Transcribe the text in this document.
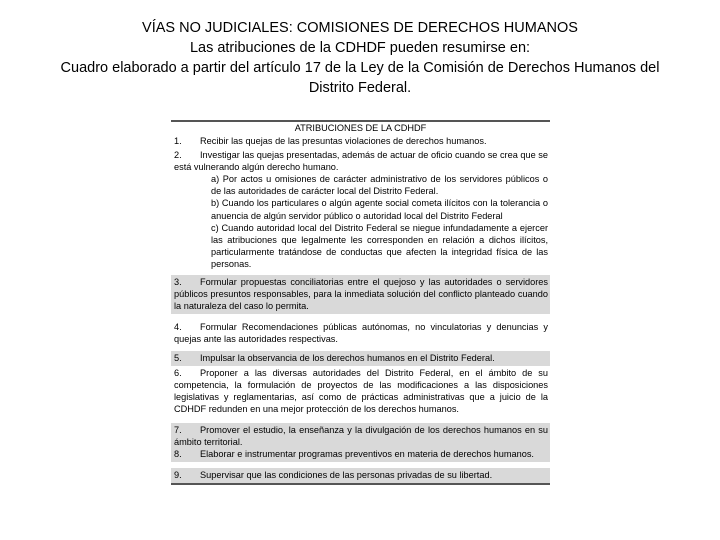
VÍAS NO JUDICIALES: COMISIONES DE DERECHOS HUMANOS
Las atribuciones de la CDHDF pueden resumirse en:
Cuadro elaborado a partir del artículo 17 de la Ley de la Comisión de Derechos Humanos del
Distrito Federal.
ATRIBUCIONES DE LA CDHDF
1. Recibir las quejas de las presuntas violaciones de derechos humanos.
2. Investigar las quejas presentadas, además de actuar de oficio cuando se crea que se está vulnerando algún derecho humano.
a) Por actos u omisiones de carácter administrativo de los servidores públicos o de las autoridades de carácter local del Distrito Federal.
b) Cuando los particulares o algún agente social cometa ilícitos con la tolerancia o anuencia de algún servidor público o autoridad local del Distrito Federal
c) Cuando autoridad local del Distrito Federal se niegue infundadamente a ejercer las atribuciones que legalmente les corresponden en relación a dichos ilícitos, particularmente tratándose de conductas que afecten la integridad física de las personas.
3. Formular propuestas conciliatorias entre el quejoso y las autoridades o servidores públicos presuntos responsables, para la inmediata solución del conflicto planteado cuando la naturaleza del caso lo permita.
4. Formular Recomendaciones públicas autónomas, no vinculatorias y denuncias y quejas ante las autoridades respectivas.
5. Impulsar la observancia de los derechos humanos en el Distrito Federal.
6. Proponer a las diversas autoridades del Distrito Federal, en el ámbito de su competencia, la formulación de proyectos de las modificaciones a las disposiciones legislativas y reglamentarias, así como de prácticas administrativas que a juicio de la CDHDF redunden en una mejor protección de los derechos humanos.
7. Promover el estudio, la enseñanza y la divulgación de los derechos humanos en su ámbito territorial.
8. Elaborar e instrumentar programas preventivos en materia de derechos humanos.
9. Supervisar que las condiciones de las personas privadas de su libertad.
